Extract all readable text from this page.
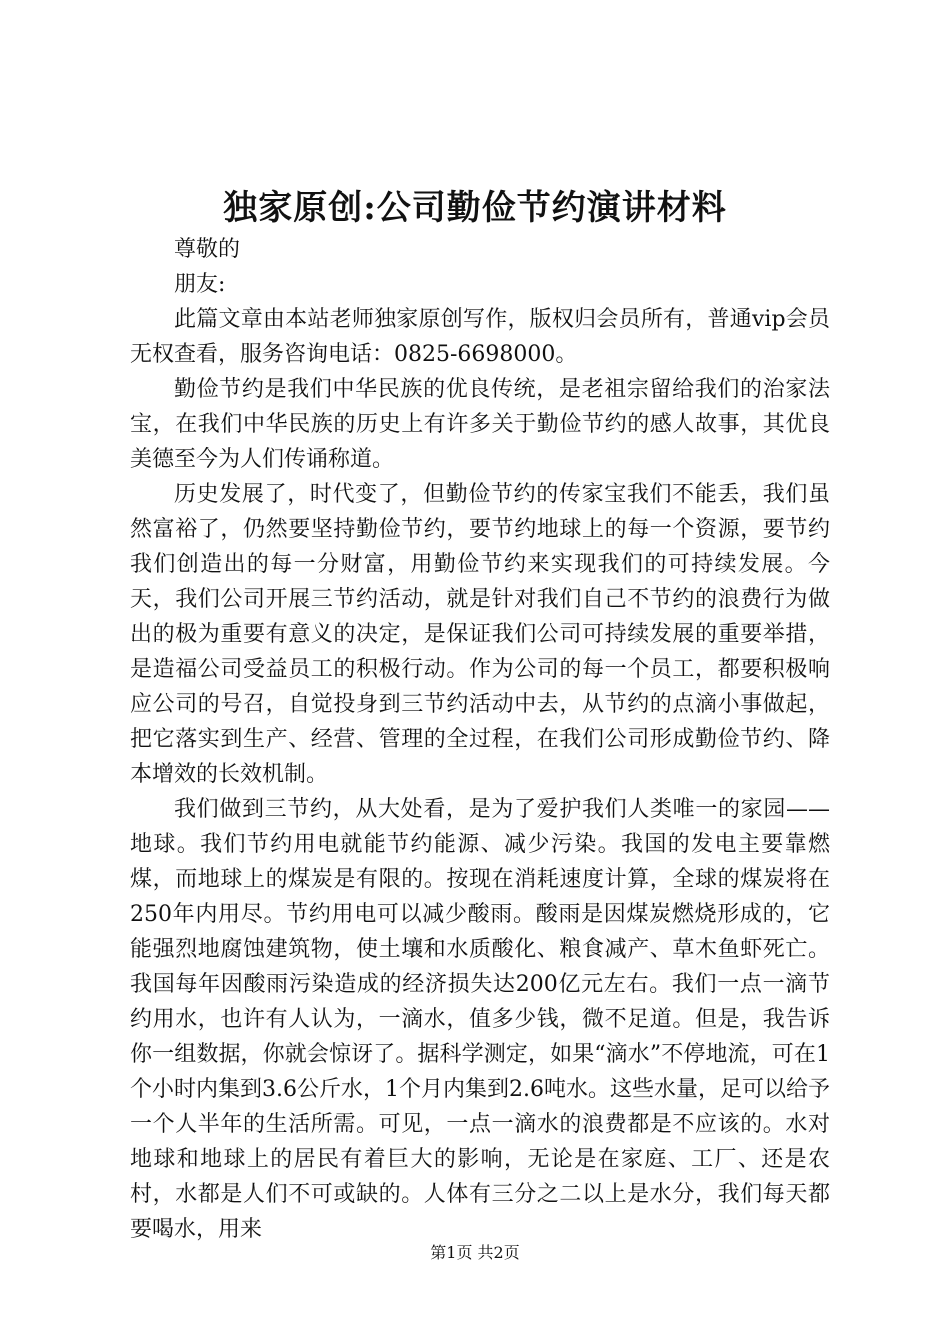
独家原创:公司勤俭节约演讲材料

尊敬的

朋友:

此篇文章由本站老师独家原创写作，版权归会员所有，普通vip会员无权查看，服务咨询电话：0825-6698000。

勤俭节约是我们中华民族的优良传统，是老祖宗留给我们的治家法宝，在我们中华民族的历史上有许多关于勤俭节约的感人故事，其优良美德至今为人们传诵称道。

历史发展了，时代变了，但勤俭节约的传家宝我们不能丢，我们虽然富裕了，仍然要坚持勤俭节约，要节约地球上的每一个资源，要节约我们创造出的每一分财富，用勤俭节约来实现我们的可持续发展。今天，我们公司开展三节约活动，就是针对我们自己不节约的浪费行为做出的极为重要有意义的决定，是保证我们公司可持续发展的重要举措，是造福公司受益员工的积极行动。作为公司的每一个员工，都要积极响应公司的号召，自觉投身到三节约活动中去，从节约的点滴小事做起，把它落实到生产、经营、管理的全过程，在我们公司形成勤俭节约、降本增效的长效机制。

我们做到三节约，从大处看，是为了爱护我们人类唯一的家园——地球。我们节约用电就能节约能源、减少污染。我国的发电主要靠燃煤，而地球上的煤炭是有限的。按现在消耗速度计算，全球的煤炭将在250年内用尽。节约用电可以减少酸雨。酸雨是因煤炭燃烧形成的，它能强烈地腐蚀建筑物，使土壤和水质酸化、粮食减产、草木鱼虾死亡。我国每年因酸雨污染造成的经济损失达200亿元左右。我们一点一滴节约用水，也许有人认为，一滴水，值多少钱，微不足道。但是，我告诉你一组数据，你就会惊讶了。据科学测定，如果“滴水”不停地流，可在1个小时内集到3.6公斤水，1个月内集到2.6吨水。这些水量，足可以给予一个人半年的生活所需。可见，一点一滴水的浪费都是不应该的。水对地球和地球上的居民有着巨大的影响，无论是在家庭、工厂、还是农村，水都是人们不可或缺的。人体有三分之二以上是水分，我们每天都要喝水，用来

第1页 共2页
